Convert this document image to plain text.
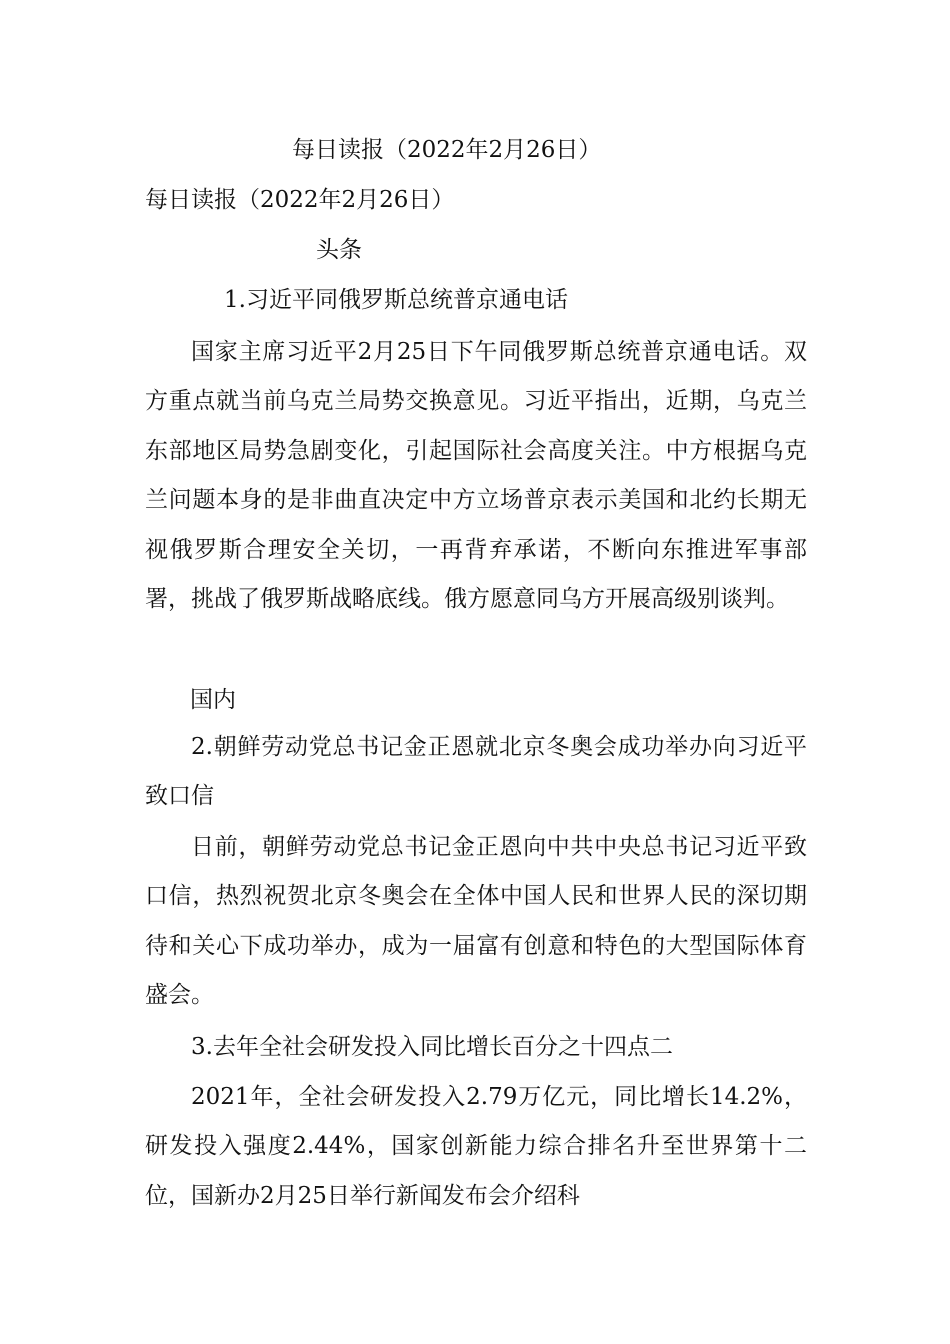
每日读报（2022年2月26日）

每日读报（2022年2月26日）

头条

1.习近平同俄罗斯总统普京通电话

国家主席习近平2月25日下午同俄罗斯总统普京通电话。双方重点就当前乌克兰局势交换意见。习近平指出，近期，乌克兰东部地区局势急剧变化，引起国际社会高度关注。中方根据乌克兰问题本身的是非曲直决定中方立场普京表示美国和北约长期无视俄罗斯合理安全关切，一再背弃承诺，不断向东推进军事部署，挑战了俄罗斯战略底线。俄方愿意同乌方开展高级别谈判。

国内

2.朝鲜劳动党总书记金正恩就北京冬奥会成功举办向习近平致口信

日前，朝鲜劳动党总书记金正恩向中共中央总书记习近平致口信，热烈祝贺北京冬奥会在全体中国人民和世界人民的深切期待和关心下成功举办，成为一届富有创意和特色的大型国际体育盛会。

3.去年全社会研发投入同比增长百分之十四点二

2021年，全社会研发投入2.79万亿元，同比增长14.2%，研发投入强度2.44%，国家创新能力综合排名升至世界第十二位，国新办2月25日举行新闻发布会介绍科
